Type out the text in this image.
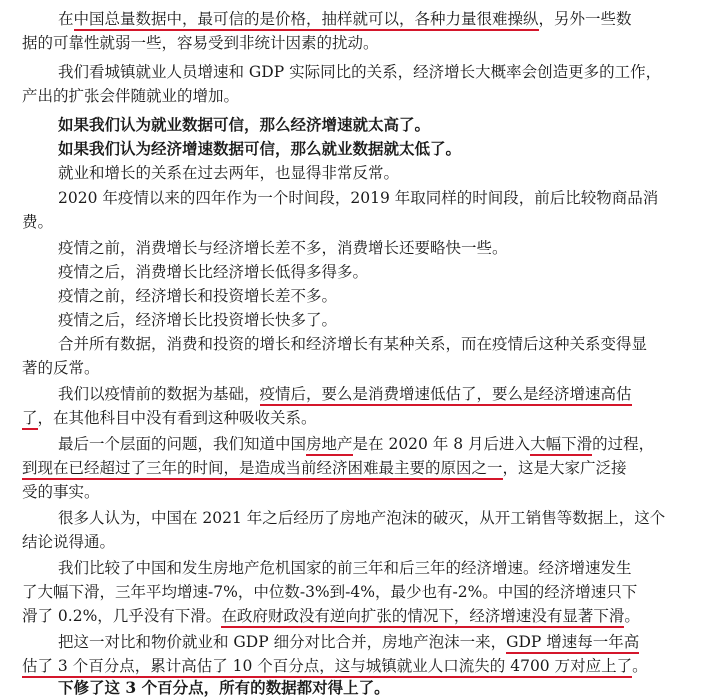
在中国总量数据中，最可信的是价格，抽样就可以，各种力量很难操纵，另外一些数
据的可靠性就弱一些，容易受到非统计因素的扰动。
我们看城镇就业人员增速和 GDP 实际同比的关系，经济增长大概率会创造更多的工作，
产出的扩张会伴随就业的增加。
如果我们认为就业数据可信，那么经济增速就太高了。
如果我们认为经济增速数据可信，那么就业数据就太低了。
就业和增长的关系在过去两年，也显得非常反常。
2020 年疫情以来的四年作为一个时间段，2019 年取同样的时间段，前后比较物商品消
费。
疫情之前，消费增长与经济增长差不多，消费增长还要略快一些。
疫情之后，消费增长比经济增长低得多得多。
疫情之前，经济增长和投资增长差不多。
疫情之后，经济增长比投资增长快多了。
合并所有数据，消费和投资的增长和经济增长有某种关系，而在疫情后这种关系变得显
著的反常。
我们以疫情前的数据为基础，疫情后，要么是消费增速低估了，要么是经济增速高估
了，在其他科目中没有看到这种吸收关系。
最后一个层面的问题，我们知道中国房地产是在 2020 年 8 月后进入大幅下滑的过程，
到现在已经超过了三年的时间，是造成当前经济困难最主要的原因之一，这是大家广泛接
受的事实。
很多人认为，中国在 2021 年之后经历了房地产泡沫的破灭，从开工销售等数据上，这个
结论说得通。
我们比较了中国和发生房地产危机国家的前三年和后三年的经济增速。经济增速发生
了大幅下滑，三年平均增速-7%，中位数-3%到-4%，最少也有-2%。中国的经济增速只下
滑了 0.2%，几乎没有下滑。在政府财政没有逆向扩张的情况下，经济增速没有显著下滑。
把这一对比和物价就业和 GDP 细分对比合并，房地产泡沫一来，GDP 增速每一年高
估了 3 个百分点，累计高估了 10 个百分点，这与城镇就业人口流失的 4700 万对应上了。
下修了这 3 个百分点，所有的数据都对得上了。
